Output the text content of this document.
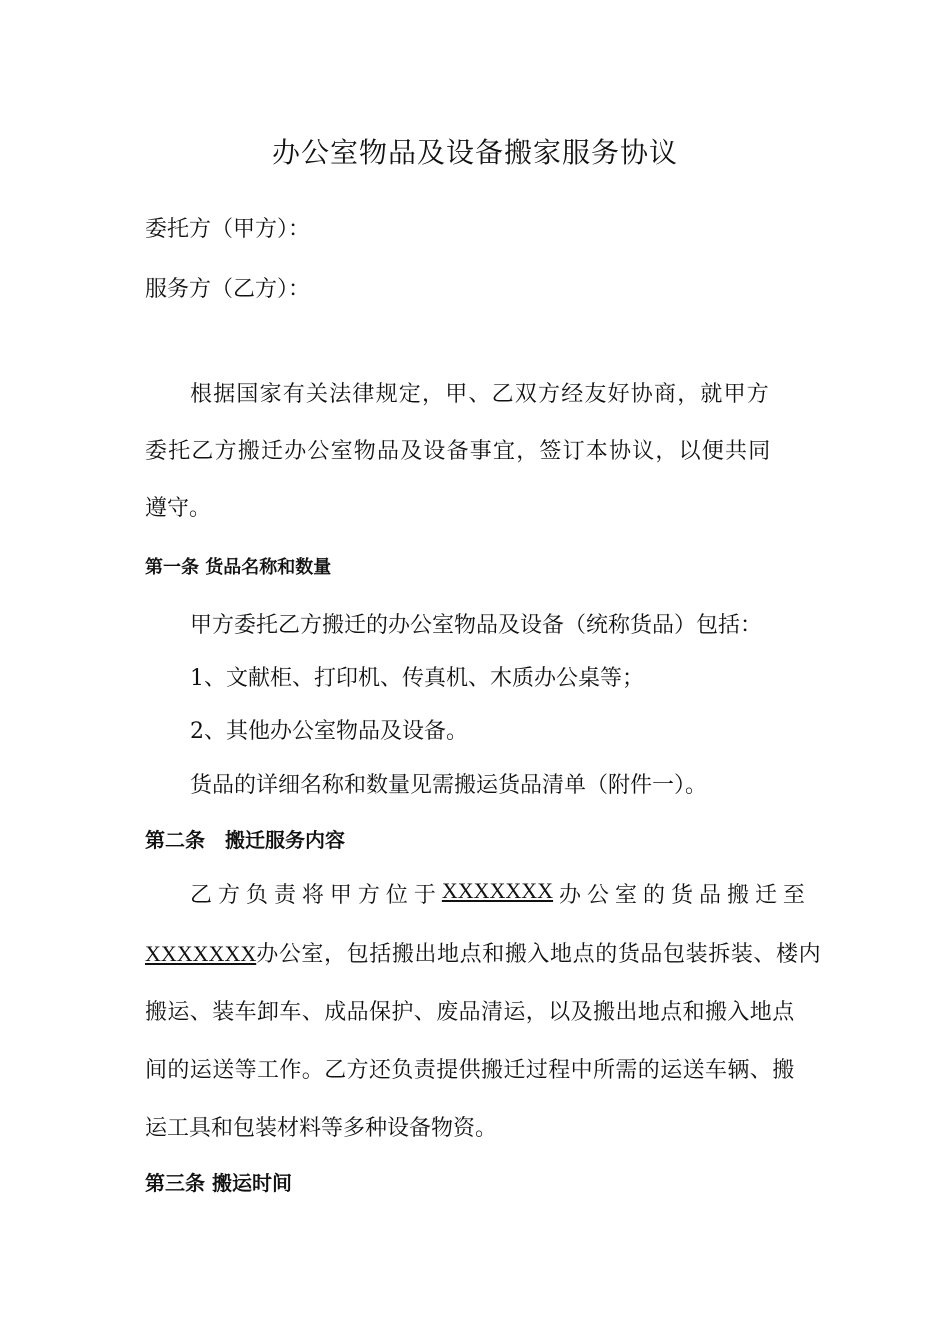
办公室物品及设备搬家服务协议

委托方（甲方）：

服务方（乙方）：

根据国家有关法律规定，甲、乙双方经友好协商，就甲方

委托乙方搬迁办公室物品及设备事宜，签订本协议，以便共同

遵守。

第一条 货品名称和数量

甲方委托乙方搬迁的办公室物品及设备（统称货品）包括：

1、文献柜、打印机、传真机、木质办公桌等；

2、其他办公室物品及设备。

货品的详细名称和数量见需搬运货品清单（附件一）。

第二条　搬迁服务内容

乙 方 负 责 将 甲 方 位 于 XXXXXXX 办 公 室 的 货 品 搬 迁 至

XXXXXXX办公室，包括搬出地点和搬入地点的货品包装拆装、楼内

搬运、装车卸车、成品保护、废品清运，以及搬出地点和搬入地点

间的运送等工作。乙方还负责提供搬迁过程中所需的运送车辆、搬

运工具和包装材料等多种设备物资。

第三条 搬运时间
